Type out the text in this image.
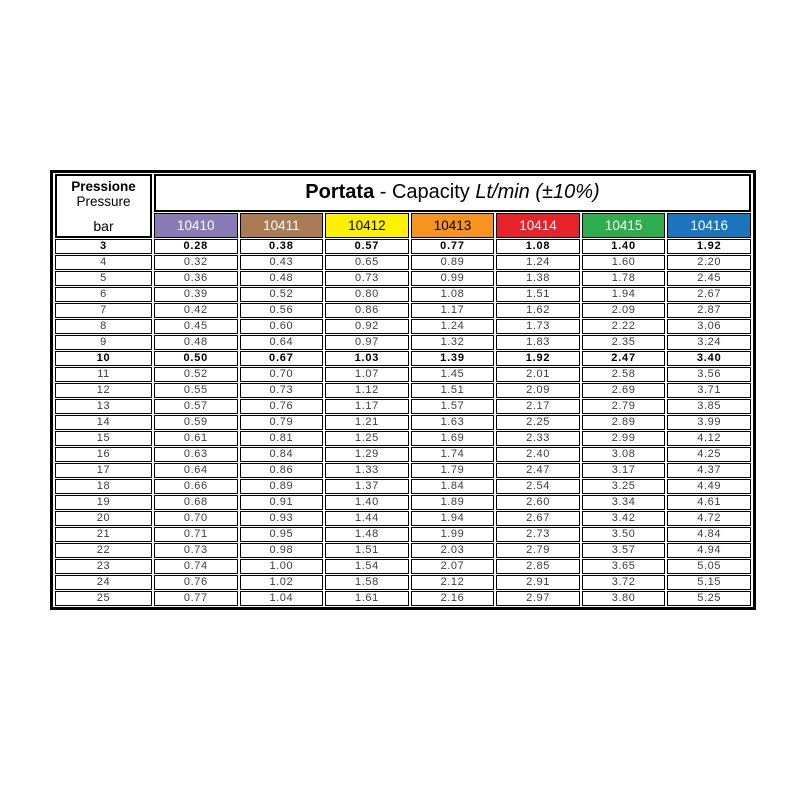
Pressione
Pressure
bar	Portata - Capacity Lt/min (±10%)						
	10410	10411	10412	10413	10414	10415	10416
3	0.28	0.38	0.57	0.77	1.08	1.40	1.92
4	0.32	0.43	0.65	0.89	1.24	1.60	2.20
5	0.36	0.48	0.73	0.99	1.38	1.78	2.45
6	0.39	0.52	0.80	1.08	1.51	1.94	2.67
7	0.42	0.56	0.86	1.17	1.62	2.09	2.87
8	0.45	0.60	0.92	1.24	1.73	2.22	3.06
9	0.48	0.64	0.97	1.32	1.83	2.35	3.24
10	0.50	0.67	1.03	1.39	1.92	2.47	3.40
11	0.52	0.70	1.07	1.45	2.01	2.58	3.56
12	0.55	0.73	1.12	1.51	2.09	2.69	3.71
13	0.57	0.76	1.17	1.57	2.17	2.79	3.85
14	0.59	0.79	1.21	1.63	2.25	2.89	3.99
15	0.61	0.81	1.25	1.69	2.33	2.99	4.12
16	0.63	0.84	1.29	1.74	2.40	3.08	4.25
17	0.64	0.86	1.33	1.79	2.47	3.17	4.37
18	0.66	0.89	1.37	1.84	2.54	3.25	4.49
19	0.68	0.91	1.40	1.89	2.60	3.34	4.61
20	0.70	0.93	1.44	1.94	2.67	3.42	4.72
21	0.71	0.95	1.48	1.99	2.73	3.50	4.84
22	0.73	0.98	1.51	2.03	2.79	3.57	4.94
23	0.74	1.00	1.54	2.07	2.85	3.65	5.05
24	0.76	1.02	1.58	2.12	2.91	3.72	5.15
25	0.77	1.04	1.61	2.16	2.97	3.80	5.25
